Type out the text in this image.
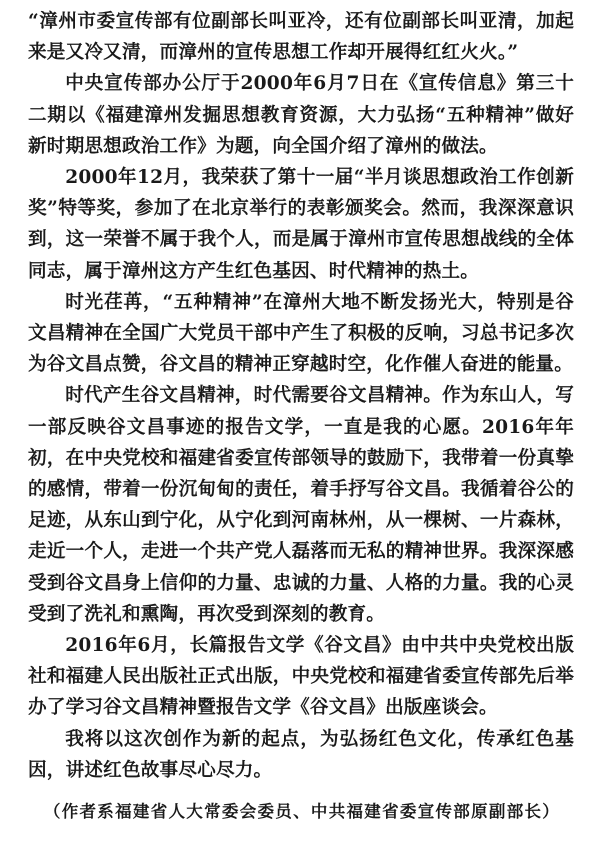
“漳州市委宣传部有位副部长叫亚冷，还有位副部长叫亚清，加起来是又冷又清，而漳州的宣传思想工作却开展得红红火火。”

中央宣传部办公厅于2000年6月7日在《宣传信息》第三十二期以《福建漳州发掘思想教育资源，大力弘扬“五种精神”做好新时期思想政治工作》为题，向全国介绍了漳州的做法。

2000年12月，我荣获了第十一届“半月谈思想政治工作创新奖”特等奖，参加了在北京举行的表彰颁奖会。然而，我深深意识到，这一荣誉不属于我个人，而是属于漳州市宣传思想战线的全体同志，属于漳州这方产生红色基因、时代精神的热土。

时光荏苒，“五种精神”在漳州大地不断发扬光大，特别是谷文昌精神在全国广大党员干部中产生了积极的反响，习总书记多次为谷文昌点赞，谷文昌的精神正穿越时空，化作催人奋进的能量。

时代产生谷文昌精神，时代需要谷文昌精神。作为东山人，写一部反映谷文昌事迹的报告文学，一直是我的心愿。2016年年初，在中央党校和福建省委宣传部领导的鼓励下，我带着一份真挚的感情，带着一份沉甸甸的责任，着手抒写谷文昌。我循着谷公的足迹，从东山到宁化，从宁化到河南林州，从一棵树、一片森林，走近一个人，走进一个共产党人磊落而无私的精神世界。我深深感受到谷文昌身上信仰的力量、忠诚的力量、人格的力量。我的心灵受到了洗礼和熏陶，再次受到深刻的教育。

2016年6月，长篇报告文学《谷文昌》由中共中央党校出版社和福建人民出版社正式出版，中央党校和福建省委宣传部先后举办了学习谷文昌精神暨报告文学《谷文昌》出版座谈会。

我将以这次创作为新的起点，为弘扬红色文化，传承红色基因，讲述红色故事尽心尽力。

（作者系福建省人大常委会委员、中共福建省委宣传部原副部长）
